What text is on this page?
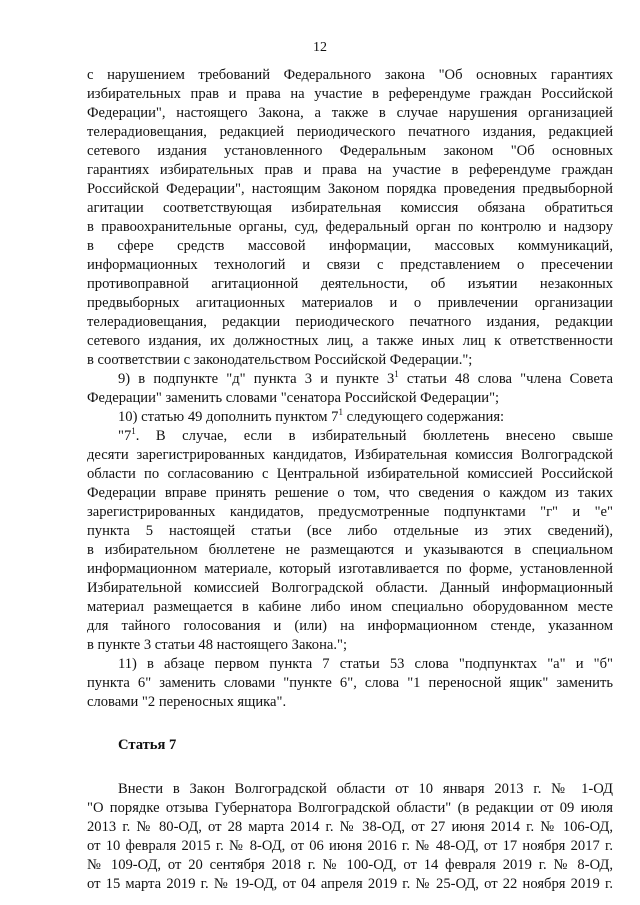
12
с нарушением требований Федерального закона "Об основных гарантиях
избирательных прав и права на участие в референдуме граждан Российской
Федерации", настоящего Закона, а также в случае нарушения организацией
телерадиовещания, редакцией периодического печатного издания, редакцией
сетевого издания установленного Федеральным законом "Об основных
гарантиях избирательных прав и права на участие в референдуме граждан
Российской Федерации", настоящим Законом порядка проведения предвыборной
агитации соответствующая избирательная комиссия обязана обратиться
в правоохранительные органы, суд, федеральный орган по контролю и надзору
в сфере средств массовой информации, массовых коммуникаций,
информационных технологий и связи с представлением о пресечении
противоправной агитационной деятельности, об изъятии незаконных
предвыборных агитационных материалов и о привлечении организации
телерадиовещания, редакции периодического печатного издания, редакции
сетевого издания, их должностных лиц, а также иных лиц к ответственности
в соответствии с законодательством Российской Федерации.";
9) в подпункте "д" пункта 3 и пункте $3^1$ статьи 48 слова "члена Совета
Федерации" заменить словами "сенатора Российской Федерации";
10) статью 49 дополнить пунктом $7^1$ следующего содержания:
"$7^1$. В случае, если в избирательный бюллетень внесено свыше
десяти зарегистрированных кандидатов, Избирательная комиссия Волгоградской
области по согласованию с Центральной избирательной комиссией Российской
Федерации вправе принять решение о том, что сведения о каждом из таких
зарегистрированных кандидатов, предусмотренные подпунктами "г" и "е"
пункта 5 настоящей статьи (все либо отдельные из этих сведений),
в избирательном бюллетене не размещаются и указываются в специальном
информационном материале, который изготавливается по форме, установленной
Избирательной комиссией Волгоградской области. Данный информационный
материал размещается в кабине либо ином специально оборудованном месте
для тайного голосования и (или) на информационном стенде, указанном
в пункте 3 статьи 48 настоящего Закона.";
11) в абзаце первом пункта 7 статьи 53 слова "подпунктах "а" и "б"
пункта 6" заменить словами "пункте 6", слова "1 переносной ящик" заменить
словами "2 переносных ящика".
Статья 7
Внести в Закон Волгоградской области от 10 января 2013 г. № 1-ОД
"О порядке отзыва Губернатора Волгоградской области" (в редакции от 09 июля
2013 г. № 80-ОД, от 28 марта 2014 г. № 38-ОД, от 27 июня 2014 г. № 106-ОД,
от 10 февраля 2015 г. № 8-ОД, от 06 июня 2016 г. № 48-ОД, от 17 ноября 2017 г.
№ 109-ОД, от 20 сентября 2018 г. № 100-ОД, от 14 февраля 2019 г. № 8-ОД,
от 15 марта 2019 г. № 19-ОД, от 04 апреля 2019 г. № 25-ОД, от 22 ноября 2019 г.
